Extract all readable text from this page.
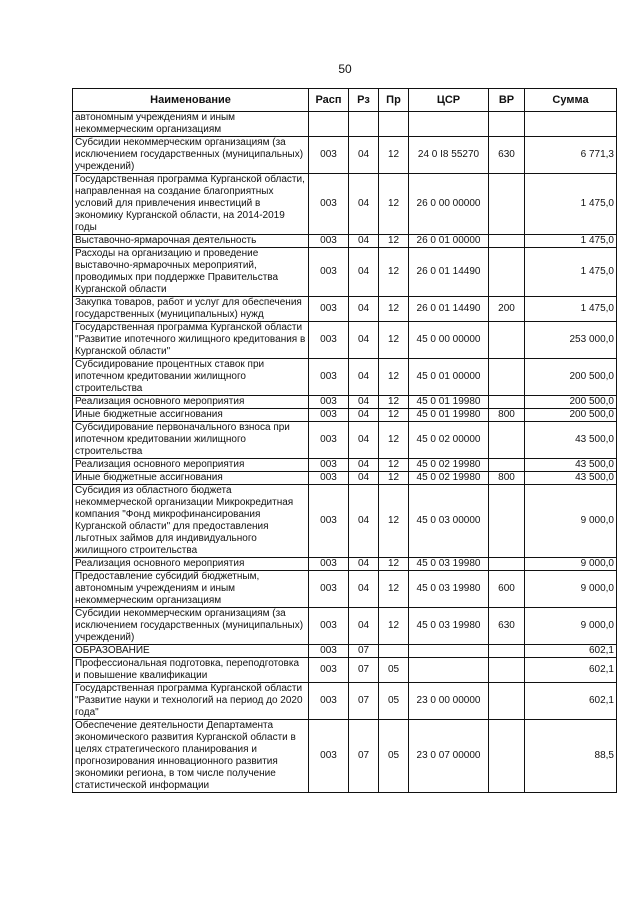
50
Наименование	Расп	Рз	Пр	ЦСР	ВР	Сумма
автономным учреждениям и иным некоммерческим организациям						
Субсидии некоммерческим организациям (за исключением государственных (муниципальных) учреждений)	003	04	12	24 0 I8 55270	630	6 771,3
Государственная программа Курганской области, направленная на создание благоприятных условий для привлечения инвестиций в экономику Курганской области, на 2014-2019 годы	003	04	12	26 0 00 00000		1 475,0
Выставочно-ярмарочная деятельность	003	04	12	26 0 01 00000		1 475,0
Расходы на организацию и проведение выставочно-ярмарочных мероприятий, проводимых при поддержке Правительства Курганской области	003	04	12	26 0 01 14490		1 475,0
Закупка товаров, работ и услуг для обеспечения государственных (муниципальных) нужд	003	04	12	26 0 01 14490	200	1 475,0
Государственная программа Курганской области "Развитие ипотечного жилищного кредитования в Курганской области"	003	04	12	45 0 00 00000		253 000,0
Субсидирование процентных ставок при ипотечном кредитовании жилищного строительства	003	04	12	45 0 01 00000		200 500,0
Реализация основного мероприятия	003	04	12	45 0 01 19980		200 500,0
Иные бюджетные ассигнования	003	04	12	45 0 01 19980	800	200 500,0
Субсидирование первоначального взноса при ипотечном кредитовании жилищного строительства	003	04	12	45 0 02 00000		43 500,0
Реализация основного мероприятия	003	04	12	45 0 02 19980		43 500,0
Иные бюджетные ассигнования	003	04	12	45 0 02 19980	800	43 500,0
Субсидия из областного бюджета некоммерческой организации Микрокредитная компания "Фонд микрофинансирования Курганской области" для предоставления льготных займов для индивидуального жилищного строительства	003	04	12	45 0 03 00000		9 000,0
Реализация основного мероприятия	003	04	12	45 0 03 19980		9 000,0
Предоставление субсидий бюджетным, автономным учреждениям и иным некоммерческим организациям	003	04	12	45 0 03 19980	600	9 000,0
Субсидии некоммерческим организациям (за исключением государственных (муниципальных) учреждений)	003	04	12	45 0 03 19980	630	9 000,0
ОБРАЗОВАНИЕ	003	07				602,1
Профессиональная подготовка, переподготовка и повышение квалификации	003	07	05			602,1
Государственная программа Курганской области "Развитие науки и технологий на период до 2020 года"	003	07	05	23 0 00 00000		602,1
Обеспечение деятельности Департамента экономического развития Курганской области в целях стратегического планирования и прогнозирования инновационного развития экономики региона, в том числе получение статистической информации	003	07	05	23 0 07 00000		88,5
